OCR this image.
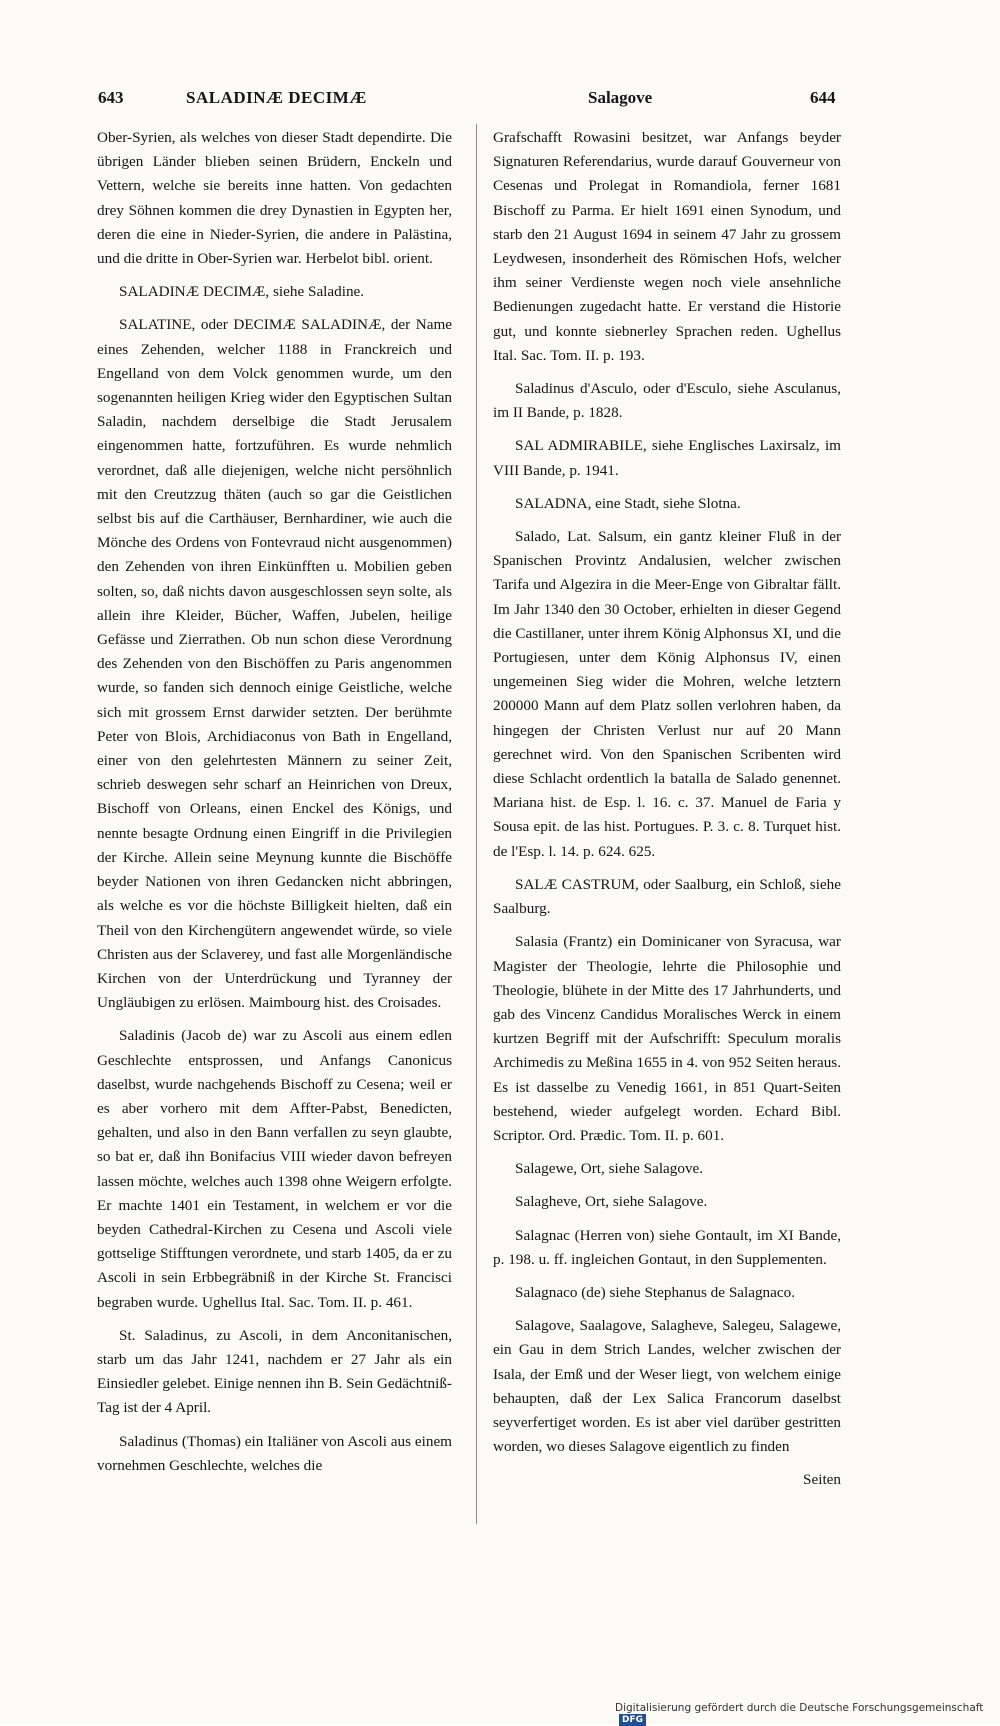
643	SALADINÆ DECIMÆ	Salagove	644

Ober-Syrien, als welches von dieser Stadt dependirte. Die übrigen Länder blieben seinen Brüdern, Enckeln und Vettern, welche sie bereits inne hatten. Von gedachten drey Söhnen kommen die drey Dynastien in Egypten her, deren die eine in Nieder-Syrien, die andere in Palästina, und die dritte in Ober-Syrien war. Herbelot bibl. orient.

SALADINÆ DECIMÆ, siehe Saladine.

SALATINE, oder DECIMÆ SALADINÆ, der Name eines Zehenden, welcher 1188 in Franckreich und Engelland von dem Volck genommen wurde, um den sogenannten heiligen Krieg wider den Egyptischen Sultan Saladin, nachdem derselbige die Stadt Jerusalem eingenommen hatte, fortzuführen. Es wurde nehmlich verordnet, daß alle diejenigen, welche nicht persöhnlich mit den Creutzzug thäten (auch so gar die Geistlichen selbst bis auf die Carthäuser, Bernhardiner, wie auch die Mönche des Ordens von Fontevraud nicht ausgenommen) den Zehenden von ihren Einkünfften u. Mobilien geben solten, so, daß nichts davon ausgeschlossen seyn solte, als allein ihre Kleider, Bücher, Waffen, Jubelen, heilige Gefässe und Zierrathen. Ob nun schon diese Verordnung des Zehenden von den Bischöffen zu Paris angenommen wurde, so fanden sich dennoch einige Geistliche, welche sich mit grossem Ernst darwider setzten. Der berühmte Peter von Blois, Archidiaconus von Bath in Engelland, einer von den gelehrtesten Männern zu seiner Zeit, schrieb deswegen sehr scharf an Heinrichen von Dreux, Bischoff von Orleans, einen Enckel des Königs, und nennte besagte Ordnung einen Eingriff in die Privilegien der Kirche. Allein seine Meynung kunnte die Bischöffe beyder Nationen von ihren Gedancken nicht abbringen, als welche es vor die höchste Billigkeit hielten, daß ein Theil von den Kirchengütern angewendet würde, so viele Christen aus der Sclaverey, und fast alle Morgenländische Kirchen von der Unterdrückung und Tyranney der Ungläubigen zu erlösen. Maimbourg hist. des Croisades.

Saladinis (Jacob de) war zu Ascoli aus einem edlen Geschlechte entsprossen, und Anfangs Canonicus daselbst, wurde nachgehends Bischoff zu Cesena; weil er es aber vorhero mit dem Affter-Pabst, Benedicten, gehalten, und also in den Bann verfallen zu seyn glaubte, so bat er, daß ihn Bonifacius VIII wieder davon befreyen lassen möchte, welches auch 1398 ohne Weigern erfolgte. Er machte 1401 ein Testament, in welchem er vor die beyden Cathedral-Kirchen zu Cesena und Ascoli viele gottselige Stifftungen verordnete, und starb 1405, da er zu Ascoli in sein Erbbegräbniß in der Kirche St. Francisci begraben wurde. Ughellus Ital. Sac. Tom. II. p. 461.

St. Saladinus, zu Ascoli, in dem Anconitanischen, starb um das Jahr 1241, nachdem er 27 Jahr als ein Einsiedler gelebet. Einige nennen ihn B. Sein Gedächtniß-Tag ist der 4 April.

Saladinus (Thomas) ein Italiäner von Ascoli aus einem vornehmen Geschlechte, welches die

Grafschafft Rowasini besitzet, war Anfangs beyder Signaturen Referendarius, wurde darauf Gouverneur von Cesenas und Prolegat in Romandiola, ferner 1681 Bischoff zu Parma. Er hielt 1691 einen Synodum, und starb den 21 August 1694 in seinem 47 Jahr zu grossem Leydwesen, insonderheit des Römischen Hofs, welcher ihm seiner Verdienste wegen noch viele ansehnliche Bedienungen zugedacht hatte. Er verstand die Historie gut, und konnte siebnerley Sprachen reden. Ughellus Ital. Sac. Tom. II. p. 193.

Saladinus d'Asculo, oder d'Esculo, siehe Asculanus, im II Bande, p. 1828.

SAL ADMIRABILE, siehe Englisches Laxirsalz, im VIII Bande, p. 1941.

SALADNA, eine Stadt, siehe Slotna.

Salado, Lat. Salsum, ein gantz kleiner Fluß in der Spanischen Provintz Andalusien, welcher zwischen Tarifa und Algezira in die Meer-Enge von Gibraltar fällt. Im Jahr 1340 den 30 October, erhielten in dieser Gegend die Castillaner, unter ihrem König Alphonsus XI, und die Portugiesen, unter dem König Alphonsus IV, einen ungemeinen Sieg wider die Mohren, welche letztern 200000 Mann auf dem Platz sollen verlohren haben, da hingegen der Christen Verlust nur auf 20 Mann gerechnet wird. Von den Spanischen Scribenten wird diese Schlacht ordentlich la batalla de Salado genennet. Mariana hist. de Esp. l. 16. c. 37. Manuel de Faria y Sousa epit. de las hist. Portugues. P. 3. c. 8. Turquet hist. de l'Esp. l. 14. p. 624. 625.

SALÆ CASTRUM, oder Saalburg, ein Schloß, siehe Saalburg.

Salasia (Frantz) ein Dominicaner von Syracusa, war Magister der Theologie, lehrte die Philosophie und Theologie, blühete in der Mitte des 17 Jahrhunderts, und gab des Vincenz Candidus Moralisches Werck in einem kurtzen Begriff mit der Aufschrifft: Speculum moralis Archimedis zu Meßina 1655 in 4. von 952 Seiten heraus. Es ist dasselbe zu Venedig 1661, in 851 Quart-Seiten bestehend, wieder aufgelegt worden. Echard Bibl. Scriptor. Ord. Prædic. Tom. II. p. 601.

Salagewe, Ort, siehe Salagove.

Salagheve, Ort, siehe Salagove.

Salagnac (Herren von) siehe Gontault, im XI Bande, p. 198. u. ff. ingleichen Gontaut, in den Supplementen.

Salagnaco (de) siehe Stephanus de Salagnaco.

Salagove, Saalagove, Salagheve, Salegeu, Salagewe, ein Gau in dem Strich Landes, welcher zwischen der Isala, der Emß und der Weser liegt, von welchem einige behaupten, daß der Lex Salica Francorum daselbst seyverfertiget worden. Es ist aber viel darüber gestritten worden, wo dieses Salagove eigentlich zu finden

Seiten

Digitalisierung gefördert durch die Deutsche Forschungsgemeinschaft DFG
